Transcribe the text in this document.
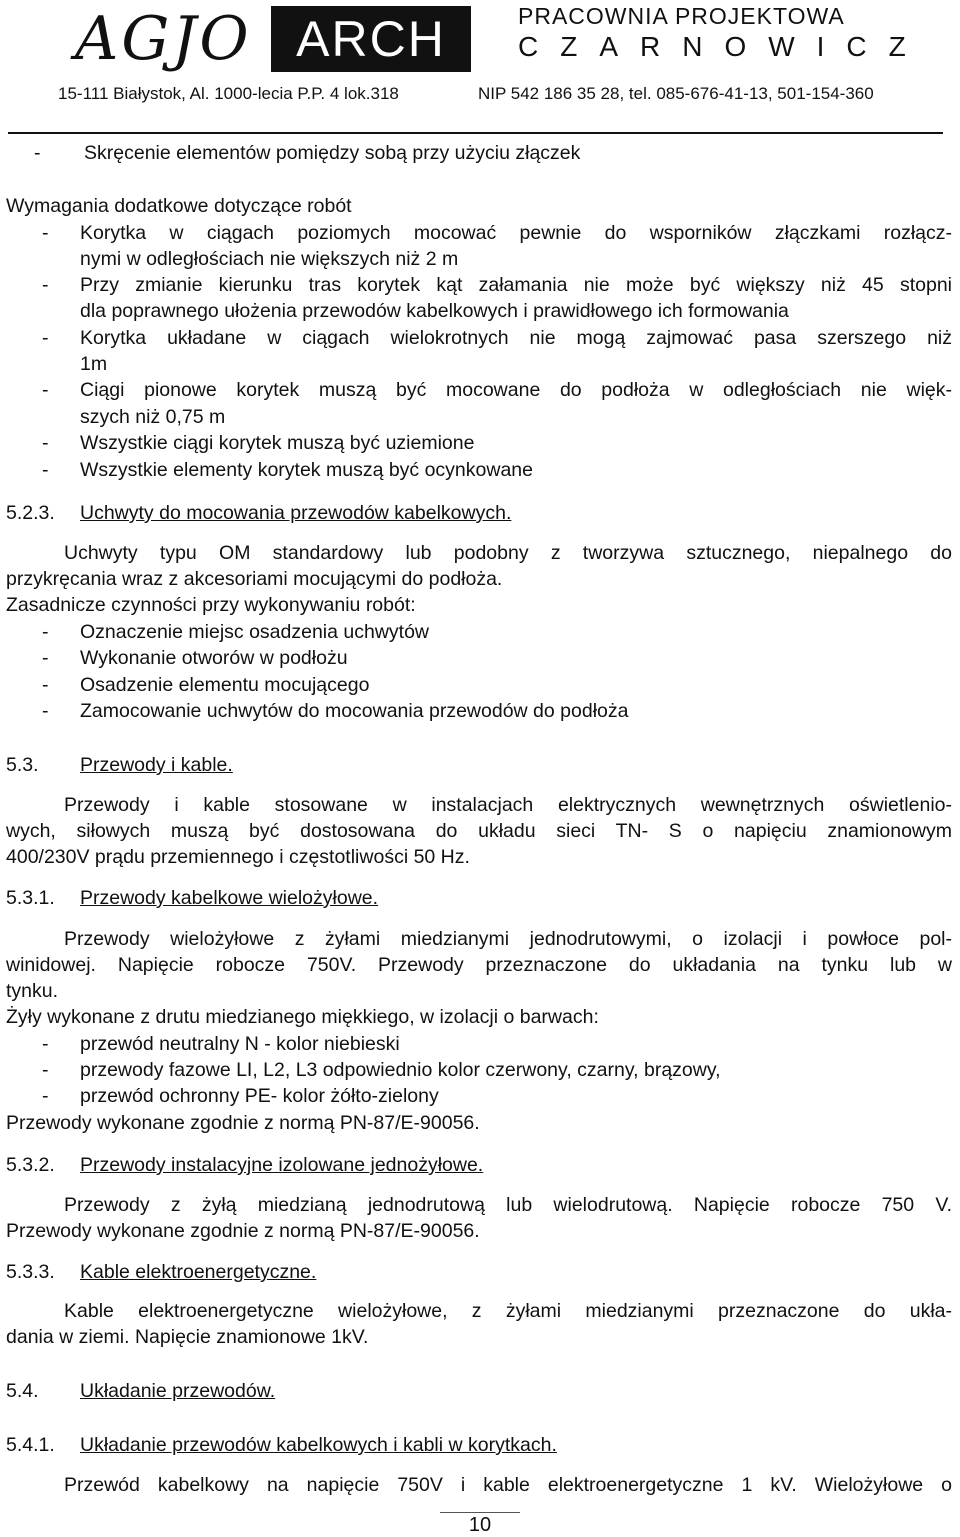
AGJO ARCH	PRACOWNIA PROJEKTOWA
CZARNOWICZ
15-111 Białystok, Al. 1000-lecia P.P. 4 lok.318	NIP 542 186 35 28, tel. 085-676-41-13, 501-154-360
- Skręcenie elementów pomiędzy sobą przy użyciu złączek
Wymagania dodatkowe dotyczące robót
- Korytka w ciągach poziomych mocować pewnie do wsporników złączkami rozłącz-
nymi w odległościach nie większych niż 2 m
- Przy zmianie kierunku tras korytek kąt załamania nie może być większy niż 45 stopni
dla poprawnego ułożenia przewodów kabelkowych i prawidłowego ich formowania
- Korytka układane w ciągach wielokrotnych nie mogą zajmować pasa szerszego niż
1m
- Ciągi pionowe korytek muszą być mocowane do podłoża w odległościach nie więk-
szych niż 0,75 m
- Wszystkie ciągi korytek muszą być uziemione
- Wszystkie elementy korytek muszą być ocynkowane
5.2.3. Uchwyty do mocowania przewodów kabelkowych.
Uchwyty typu OM standardowy lub podobny z tworzywa sztucznego, niepalnego do
przykręcania wraz z akcesoriami mocującymi do podłoża.
Zasadnicze czynności przy wykonywaniu robót:
- Oznaczenie miejsc osadzenia uchwytów
- Wykonanie otworów w podłożu
- Osadzenie elementu mocującego
- Zamocowanie uchwytów do mocowania przewodów do podłoża
5.3. Przewody i kable.
Przewody i kable stosowane w instalacjach elektrycznych wewnętrznych oświetlenio-
wych, siłowych muszą być dostosowana do układu sieci TN- S o napięciu znamionowym
400/230V prądu przemiennego i częstotliwości 50 Hz.
5.3.1. Przewody kabelkowe wielożyłowe.
Przewody wielożyłowe z żyłami miedzianymi jednodrutowymi, o izolacji i powłoce pol-
winidowej. Napięcie robocze 750V. Przewody przeznaczone do układania na tynku lub w
tynku.
Żyły wykonane z drutu miedzianego miękkiego, w izolacji o barwach:
- przewód neutralny N - kolor niebieski
- przewody fazowe LI, L2, L3 odpowiednio kolor czerwony, czarny, brązowy,
- przewód ochronny PE- kolor żółto-zielony
Przewody wykonane zgodnie z normą PN-87/E-90056.
5.3.2. Przewody instalacyjne izolowane jednożyłowe.
Przewody z żyłą miedzianą jednodrutową lub wielodrutową. Napięcie robocze 750 V.
Przewody wykonane zgodnie z normą PN-87/E-90056.
5.3.3. Kable elektroenergetyczne.
Kable elektroenergetyczne wielożyłowe, z żyłami miedzianymi przeznaczone do ukła-
dania w ziemi. Napięcie znamionowe 1kV.
5.4. Układanie przewodów.
5.4.1. Układanie przewodów kabelkowych i kabli w korytkach.
Przewód kabelkowy na napięcie 750V i kable elektroenergetyczne 1 kV. Wielożyłowe o
10
